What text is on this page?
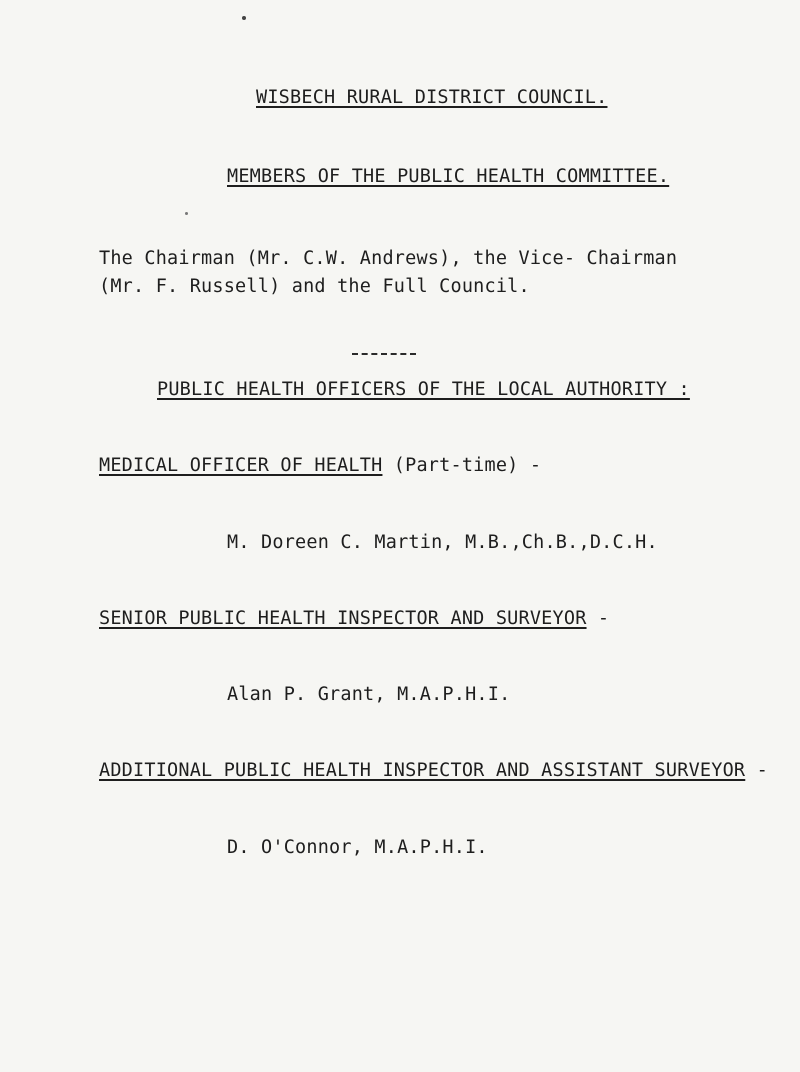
WISBECH RURAL DISTRICT COUNCIL.
MEMBERS OF THE PUBLIC HEALTH COMMITTEE.
The Chairman (Mr. C.W. Andrews), the Vice- Chairman
(Mr. F. Russell) and the Full Council.
PUBLIC HEALTH OFFICERS OF THE LOCAL AUTHORITY :
MEDICAL OFFICER OF HEALTH (Part-time) -
M. Doreen C. Martin, M.B.,Ch.B.,D.C.H.
SENIOR PUBLIC HEALTH INSPECTOR AND SURVEYOR -
Alan P. Grant, M.A.P.H.I.
ADDITIONAL PUBLIC HEALTH INSPECTOR AND ASSISTANT SURVEYOR -
D. O'Connor, M.A.P.H.I.
